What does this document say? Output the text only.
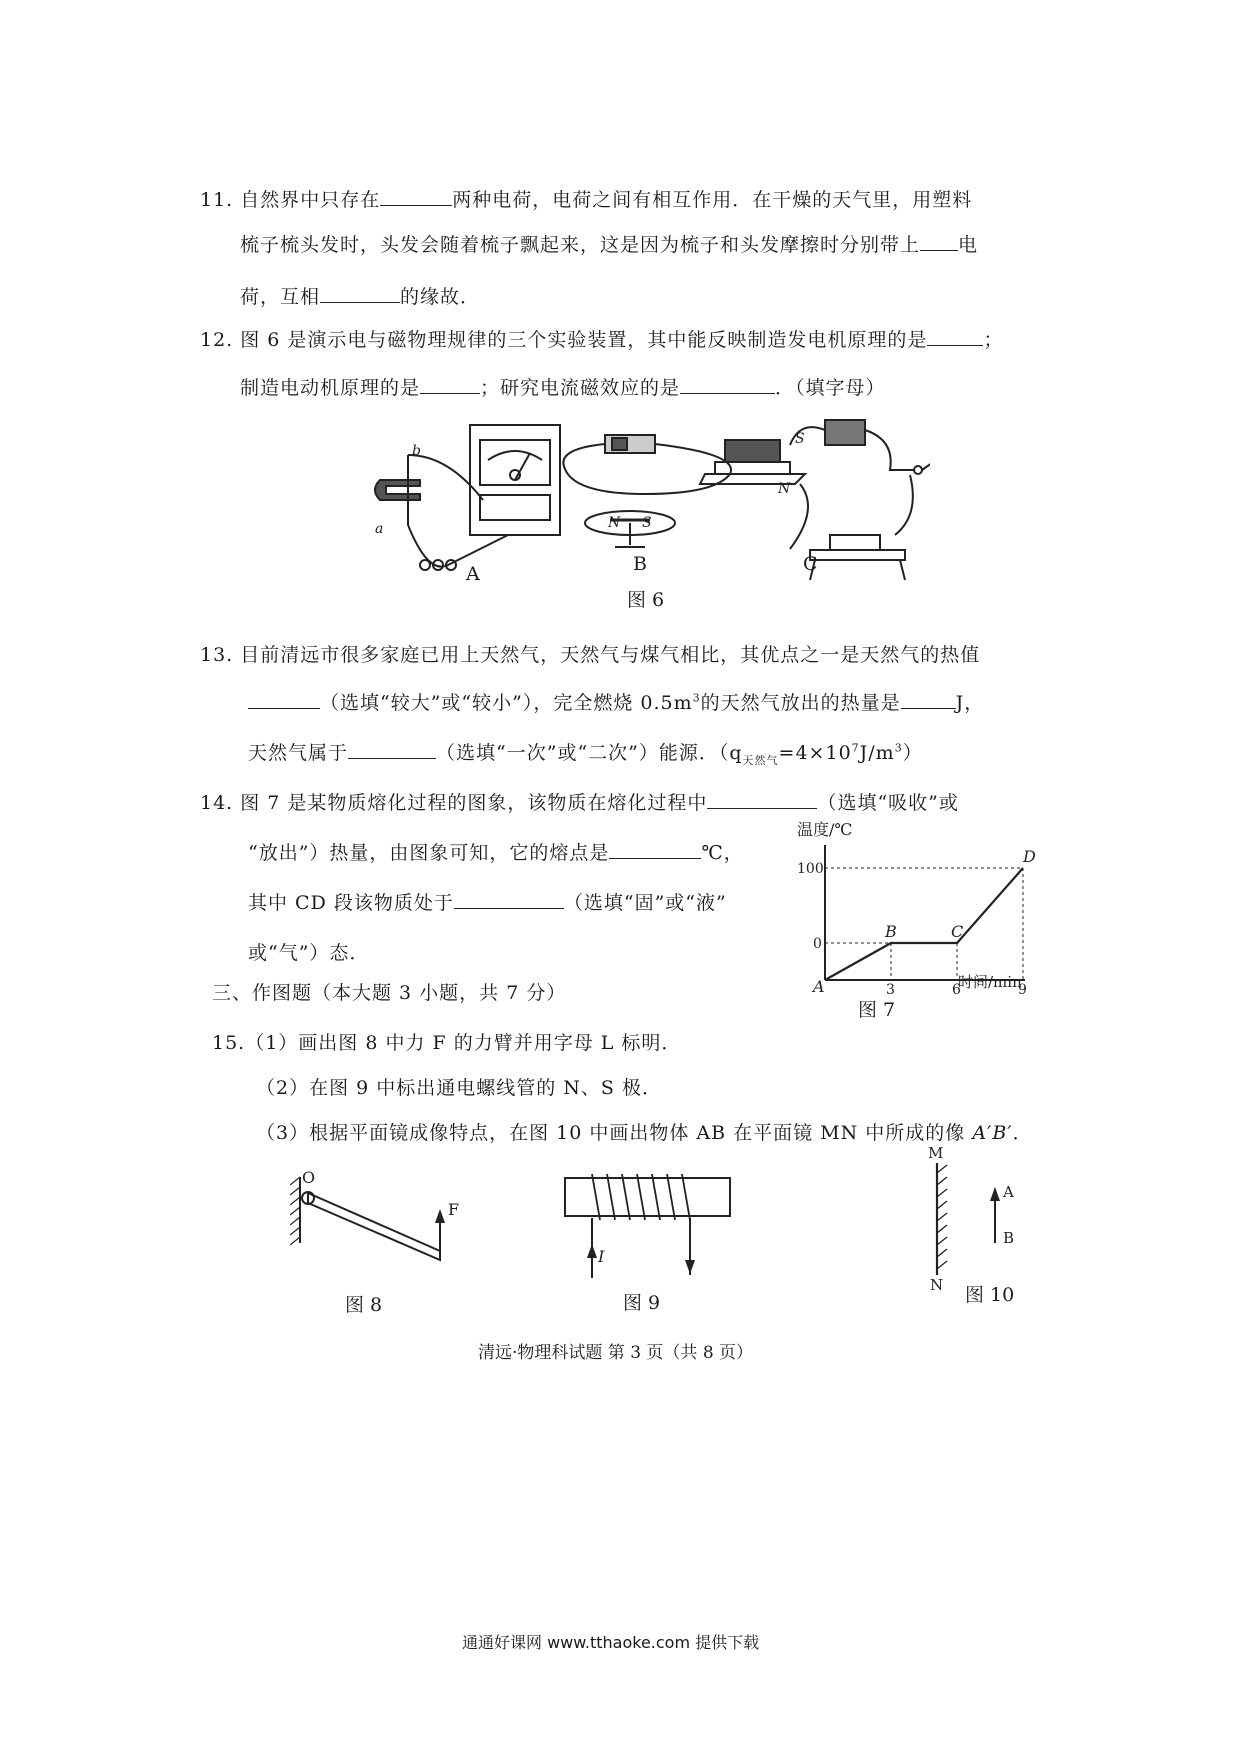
11. 自然界中只存在	两种电荷，电荷之间有相互作用．在干燥的天气里，用塑料
梳子梳头发时，头发会随着梳子飘起来，这是因为梳子和头发摩擦时分别带上 电
荷，互相	的缘故．
12. 图 6 是演示电与磁物理规律的三个实验装置，其中能反映制造发电机原理的是	；
制造电动机原理的是	；研究电流磁效应的是	．（填字母）
b
a	N S
S
N
A	B	C
图 6
13. 目前清远市很多家庭已用上天然气，天然气与煤气相比，其优点之一是天然气的热值
（选填“较大”或“较小”），完全燃烧 $0.5m^3$的天然气放出的热量是	J，
天然气属于	（选填“一次”或“二次”）能源．$(q_{天然气}=4\times 10^7J/m^3)$
14. 图 7 是某物质熔化过程的图象，该物质在熔化过程中	（选填“吸收”或
“放出”）热量，由图象可知，它的熔点是	℃，
其中 CD 段该物质处于	（选填“固”或“液”
或“气”）态．
温度/℃
时间/min
A
B	C
D
3	6	9
100
0
图 7
三、作图题（本大题 3 小题，共 7 分）
15.（1）画出图 8 中力 F 的力臂并用字母 L 标明．
（2）在图 9 中标出通电螺线管的 N、S 极．
（3）根据平面镜成像特点，在图 10 中画出物体 AB 在平面镜 MN 中所成的像 A′B′．
O
F
图 8
I
图 9
M
N
A
B
图 10
清远·物理科试题 第 3 页（共 8 页）
通通好课网 www.tthaoke.com 提供下载
